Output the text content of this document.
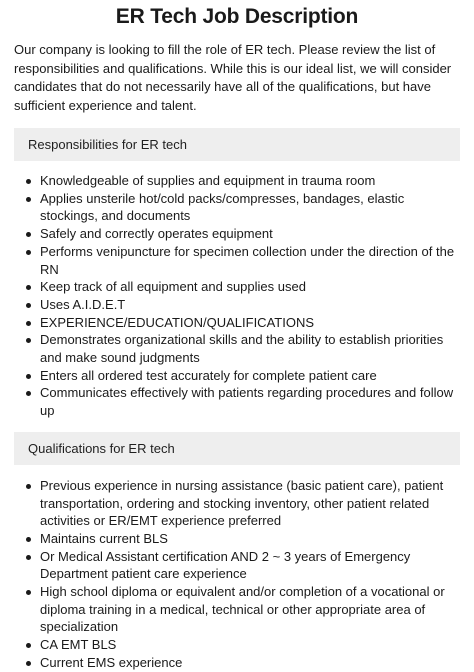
ER Tech Job Description

Our company is looking to fill the role of ER tech. Please review the list of responsibilities and qualifications. While this is our ideal list, we will consider candidates that do not necessarily have all of the qualifications, but have sufficient experience and talent.

Responsibilities for ER tech
Knowledgeable of supplies and equipment in trauma room
Applies unsterile hot/cold packs/compresses, bandages, elastic stockings, and documents
Safely and correctly operates equipment
Performs venipuncture for specimen collection under the direction of the RN
Keep track of all equipment and supplies used
Uses A.I.D.E.T
EXPERIENCE/EDUCATION/QUALIFICATIONS
Demonstrates organizational skills and the ability to establish priorities and make sound judgments
Enters all ordered test accurately for complete patient care
Communicates effectively with patients regarding procedures and follow up
Qualifications for ER tech
Previous experience in nursing assistance (basic patient care), patient transportation, ordering and stocking inventory, other patient related activities or ER/EMT experience preferred
Maintains current BLS
Or Medical Assistant certification AND 2 ~ 3 years of Emergency Department patient care experience
High school diploma or equivalent and/or completion of a vocational or diploma training in a medical, technical or other appropriate area of specialization
CA EMT BLS
Current EMS experience
